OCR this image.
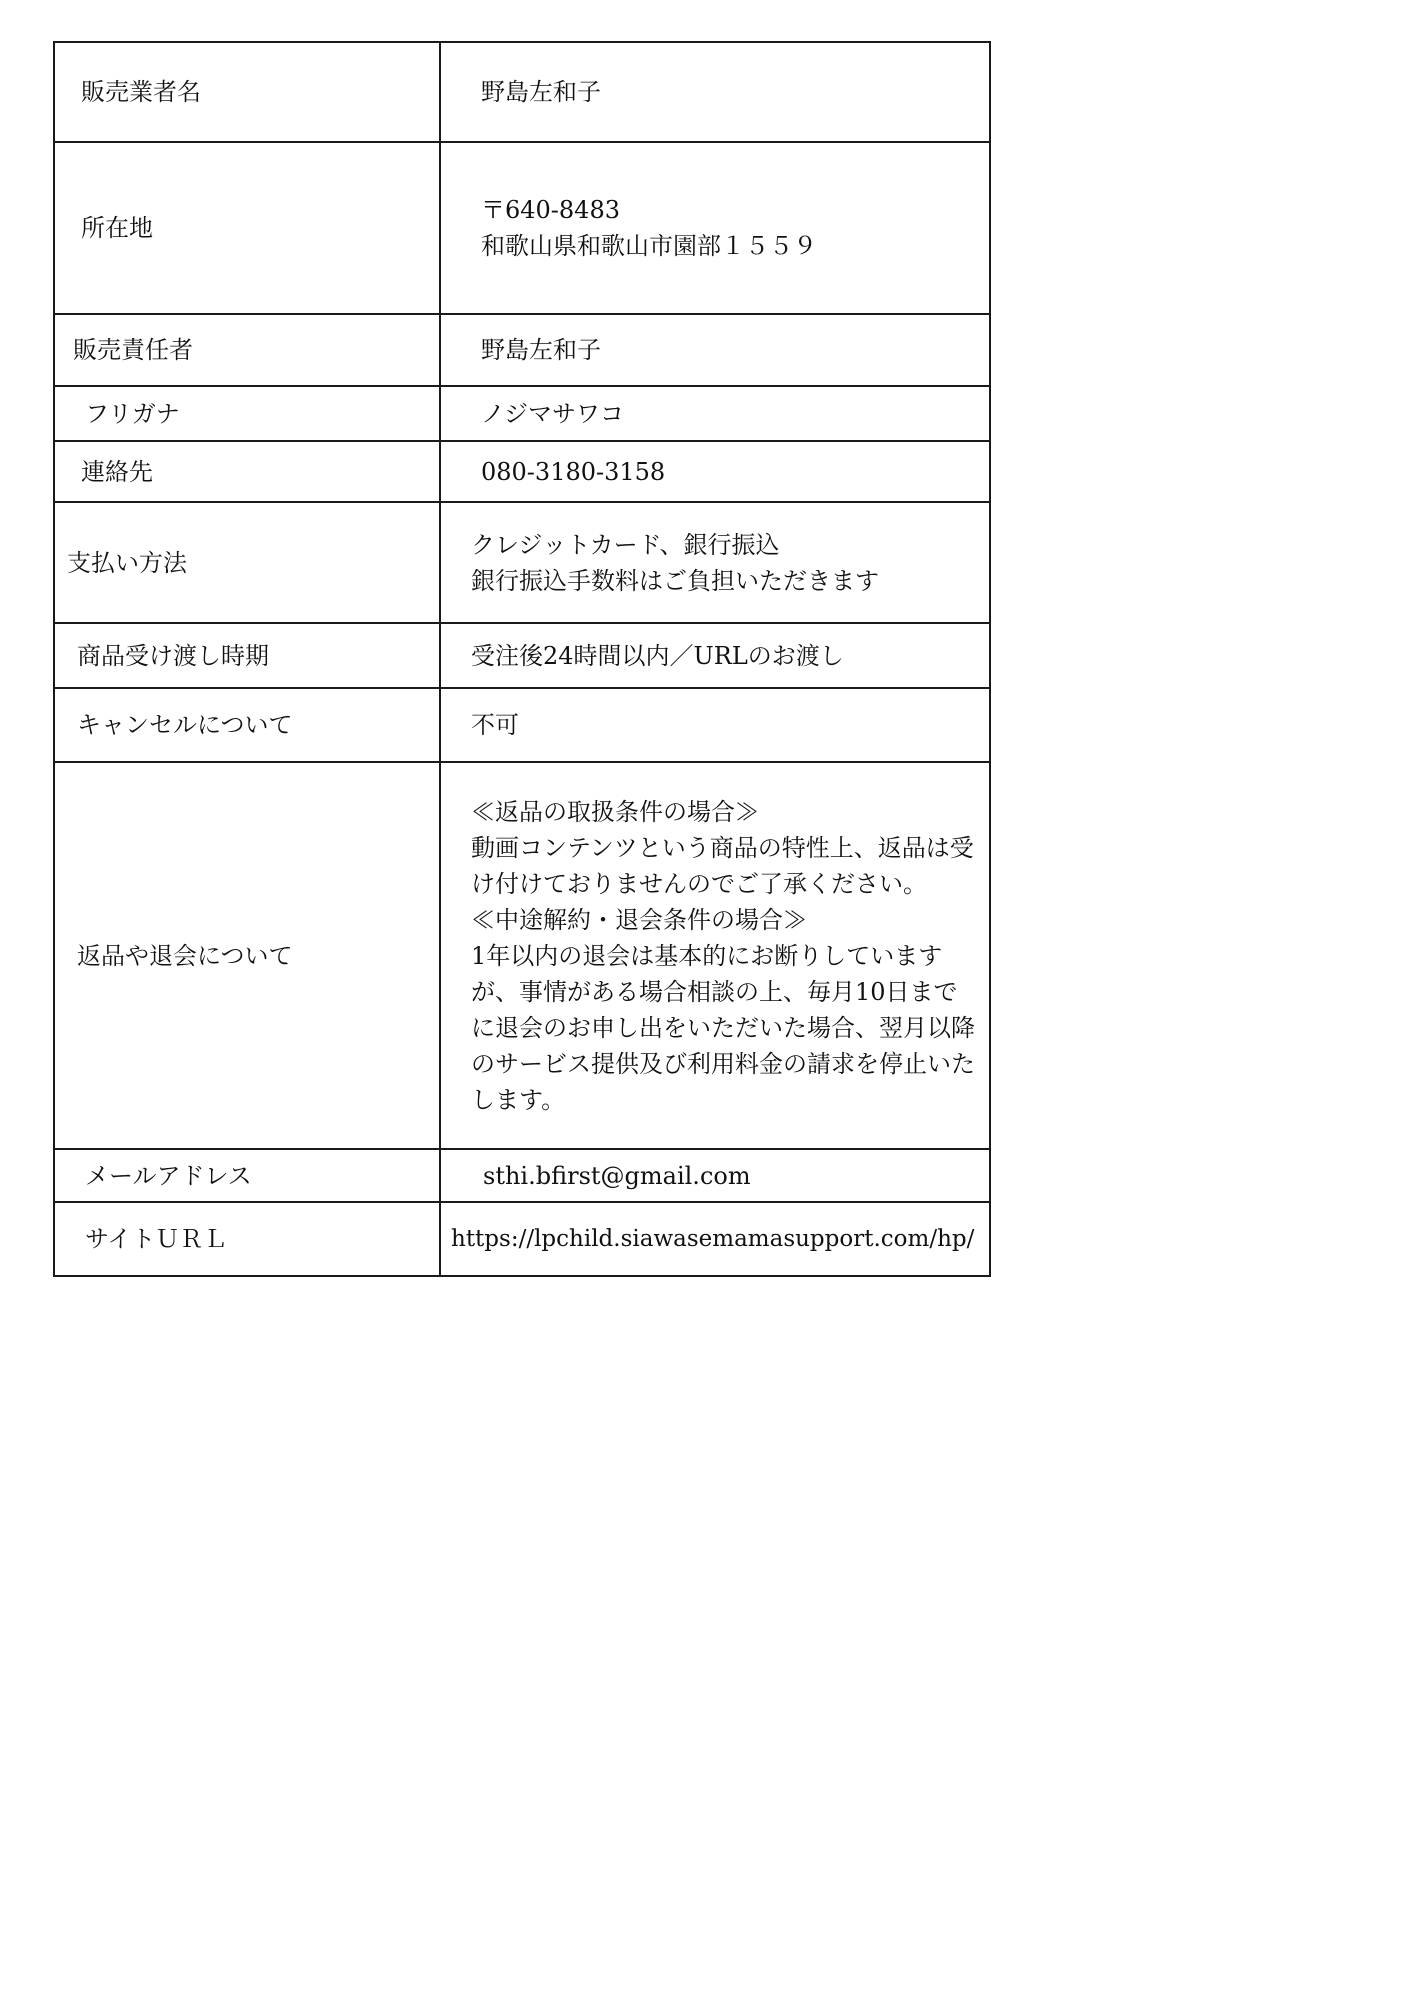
販売業者名	野島左和子

所在地	〒640-8483
和歌山県和歌山市園部１５５９

販売責任者	野島左和子

フリガナ	ノジマサワコ

連絡先	080-3180-3158

支払い方法	クレジットカード、銀行振込
銀行振込手数料はご負担いただきます

商品受け渡し時期	受注後24時間以内／URLのお渡し

キャンセルについて	不可

返品や退会について	≪返品の取扱条件の場合≫
動画コンテンツという商品の特性上、返品は受け付けておりませんのでご了承ください。
≪中途解約・退会条件の場合≫
1年以内の退会は基本的にお断りしていますが、事情がある場合相談の上、毎月10日までに退会のお申し出をいただいた場合、翌月以降のサービス提供及び利用料金の請求を停止いたします。

メールアドレス	sthi.bfirst@gmail.com

サイトＵＲＬ	https://lpchild.siawasemamasupport.com/hp/
